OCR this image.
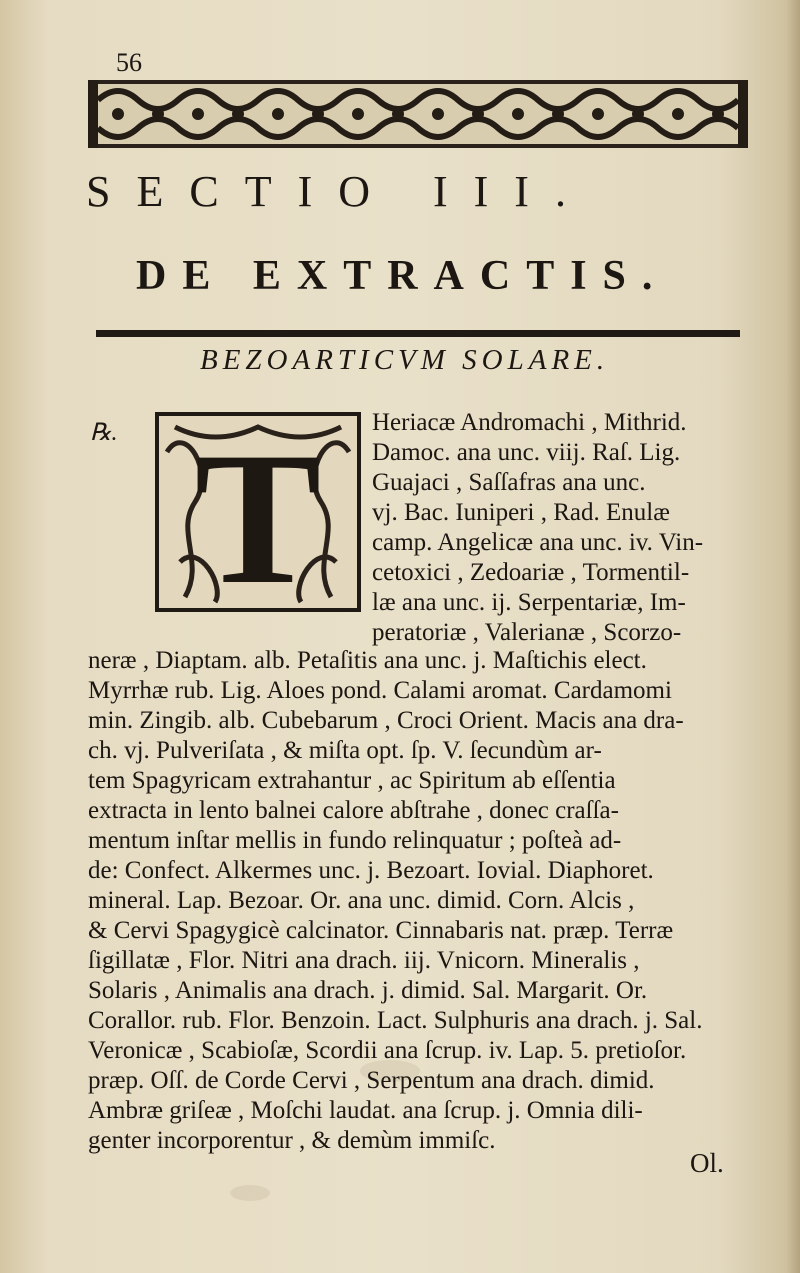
56
SECTIO III.
DE EXTRACTIS.
BEZOARTICVM SOLARE.
℞. T Heriacæ Andromachi , Mithrid.
Damoc. ana unc. viij. Raſ. Lig.
Guajaci , Saſſafras ana unc.
vj. Bac. Iuniperi , Rad. Enulæ
camp. Angelicæ ana unc. iv. Vin-
cetoxici , Zedoariæ , Tormentil-
læ ana unc. ij. Serpentariæ, Im-
peratoriæ , Valerianæ , Scorzo-
neræ , Diaptam. alb. Petaſitis ana unc. j. Maſtichis elect.
Myrrhæ rub. Lig. Aloes pond. Calami aromat. Cardamomi
min. Zingib. alb. Cubebarum , Croci Orient. Macis ana dra-
ch. vj. Pulveriſata , & miſta opt. ſp. V. ſecundùm ar-
tem Spagyricam extrahantur , ac Spiritum ab eſſentia
extracta in lento balnei calore abſtrahe , donec craſſa-
mentum inſtar mellis in fundo relinquatur ; poſteà ad-
de: Confect. Alkermes unc. j. Bezoart. Iovial. Diaphoret.
mineral. Lap. Bezoar. Or. ana unc. dimid. Corn. Alcis ,
& Cervi Spagygicè calcinator. Cinnabaris nat. præp. Terræ
ſigillatæ , Flor. Nitri ana drach. iij. Vnicorn. Mineralis ,
Solaris , Animalis ana drach. j. dimid. Sal. Margarit. Or.
Corallor. rub. Flor. Benzoin. Lact. Sulphuris ana drach. j. Sal.
Veronicæ , Scabioſæ, Scordii ana ſcrup. iv. Lap. 5. pretioſor.
præp. Oſſ. de Corde Cervi , Serpentum ana drach. dimid.
Ambræ griſeæ , Moſchi laudat. ana ſcrup. j. Omnia dili-
genter incorporentur , & demùm immiſc.
Ol.
